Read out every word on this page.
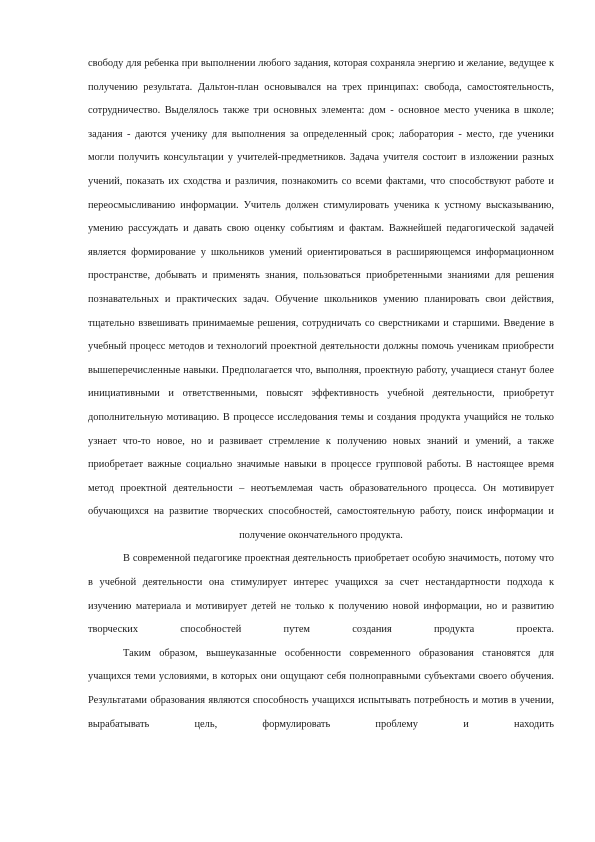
свободу для ребенка при выполнении любого задания, которая сохраняла энергию и желание, ведущее к получению результата. Дальтон-план основывался на трех принципах: свобода, самостоятельность, сотрудничество. Выделялось также три основных элемента: дом - основное место ученика в школе; задания - даются ученику для выполнения за определенный срок; лаборатория - место, где ученики могли получить консультации у учителей-предметников. Задача учителя состоит в изложении разных учений, показать их сходства и различия, познакомить со всеми фактами, что способствуют работе и переосмысливанию информации. Учитель должен стимулировать ученика к устному высказыванию, умению рассуждать и давать свою оценку событиям и фактам. Важнейшей педагогической задачей является формирование у школьников умений ориентироваться в расширяющемся информационном пространстве, добывать и применять знания, пользоваться приобретенными знаниями для решения познавательных и практических задач. Обучение школьников умению планировать свои действия, тщательно взвешивать принимаемые решения, сотрудничать со сверстниками и старшими. Введение в учебный процесс методов и технологий проектной деятельности должны помочь ученикам приобрести вышеперечисленные навыки. Предполагается что, выполняя, проектную работу, учащиеся станут более инициативными и ответственными, повысят эффективность учебной деятельности, приобретут дополнительную мотивацию. В процессе исследования темы и создания продукта учащийся не только узнает что-то новое, но и развивает стремление к получению новых знаний и умений, а также приобретает важные социально значимые навыки в процессе групповой работы. В настоящее время метод проектной деятельности – неотъемлемая часть образовательного процесса. Он мотивирует обучающихся на развитие творческих способностей, самостоятельную работу, поиск информации и получение окончательного продукта.

В современной педагогике проектная деятельность приобретает особую значимость, потому что в учебной деятельности она стимулирует интерес учащихся за счет нестандартности подхода к изучению материала и мотивирует детей не только к получению новой информации, но и развитию творческих способностей путем создания продукта проекта.

Таким образом, вышеуказанные особенности современного образования становятся для учащихся теми условиями, в которых они ощущают себя полноправными субъектами своего обучения. Результатами образования являются способность учащихся испытывать потребность и мотив в учении, вырабатывать цель, формулировать проблему и находить
